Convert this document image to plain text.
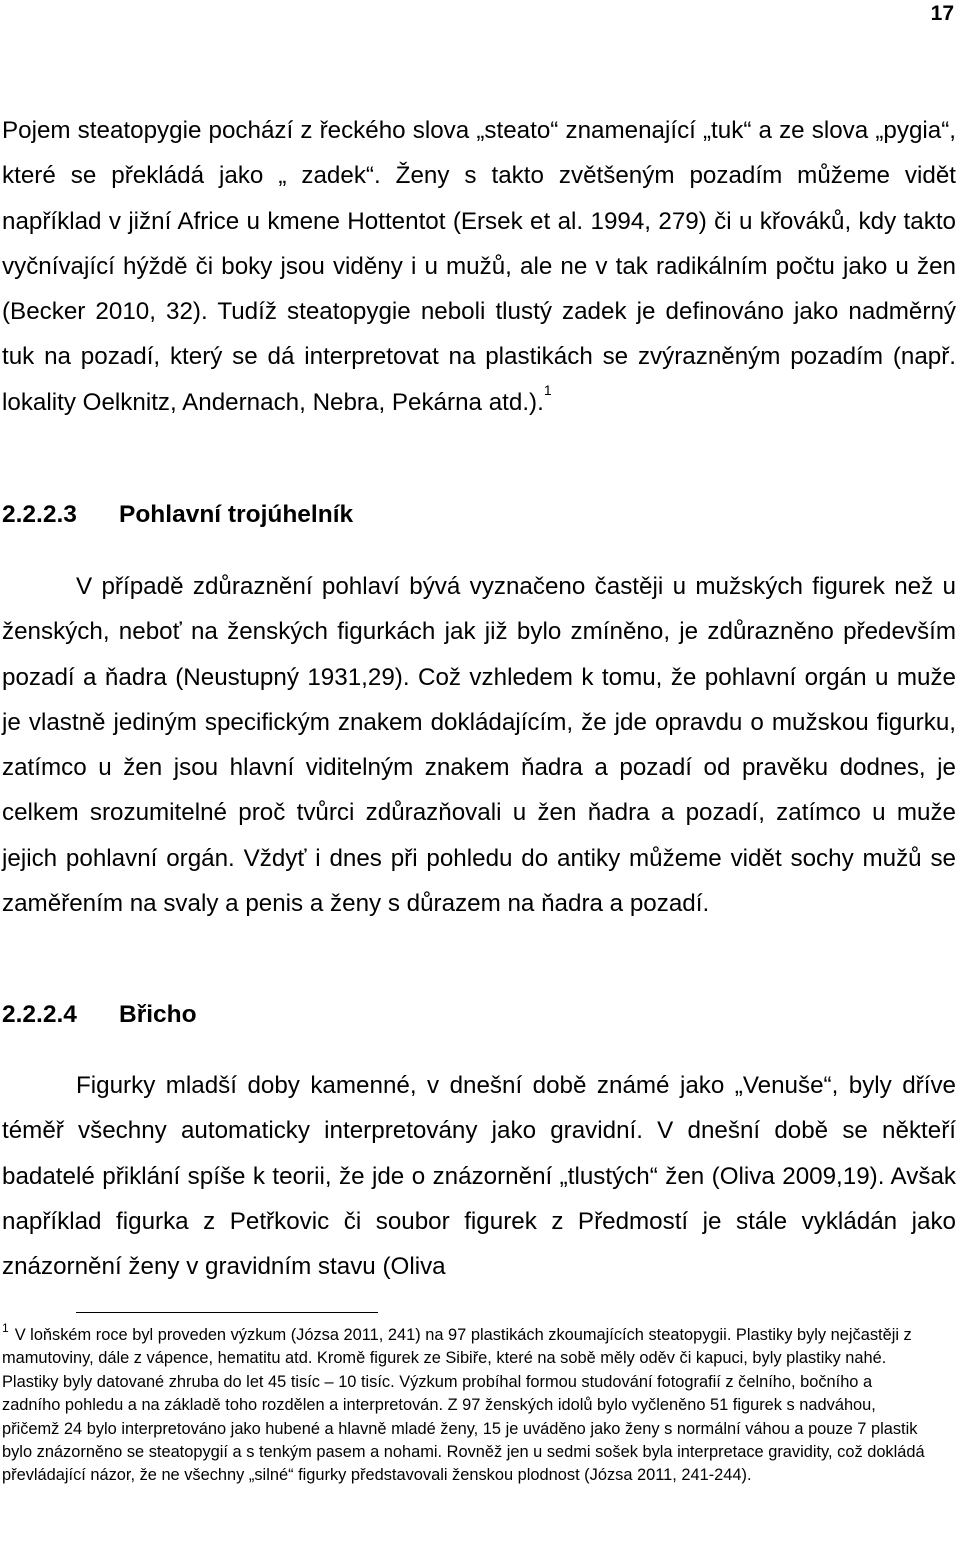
17

Pojem steatopygie pochází z řeckého slova „steato“ znamenající „tuk“ a ze slova „pygia“, které se překládá jako „ zadek“. Ženy s takto zvětšeným pozadím můžeme vidět například v jižní Africe u kmene Hottentot (Ersek et al. 1994, 279) či u křováků, kdy takto vyčnívající hýždě či boky jsou viděny i u mužů, ale ne v tak radikálním počtu jako u žen (Becker 2010, 32). Tudíž steatopygie neboli tlustý zadek je definováno jako nadměrný tuk na pozadí, který se dá interpretovat na plastikách se zvýrazněným pozadím (např. lokality Oelknitz, Andernach, Nebra, Pekárna atd.).$^1$

2.2.2.3 Pohlavní trojúhelník

V případě zdůraznění pohlaví bývá vyznačeno častěji u mužských figurek než u ženských, neboť na ženských figurkách jak již bylo zmíněno, je zdůrazněno především pozadí a ňadra (Neustupný 1931,29). Což vzhledem k tomu, že pohlavní orgán u muže je vlastně jediným specifickým znakem dokládajícím, že jde opravdu o mužskou figurku, zatímco u žen jsou hlavní viditelným znakem ňadra a pozadí od pravěku dodnes, je celkem srozumitelné proč tvůrci zdůrazňovali u žen ňadra a pozadí, zatímco u muže jejich pohlavní orgán. Vždyť i dnes při pohledu do antiky můžeme vidět sochy mužů se zaměřením na svaly a penis a ženy s důrazem na ňadra a pozadí.

2.2.2.4 Břicho

Figurky mladší doby kamenné, v dnešní době známé jako „Venuše“, byly dříve téměř všechny automaticky interpretovány jako gravidní. V dnešní době se někteří badatelé přiklání spíše k teorii, že jde o znázornění „tlustých“ žen (Oliva 2009,19). Avšak například figurka z Petřkovic či soubor figurek z Předmostí je stále vykládán jako znázornění ženy v gravidním stavu (Oliva

$^1$ V loňském roce byl proveden výzkum (Józsa 2011, 241) na 97 plastikách zkoumajících steatopygii. Plastiky byly nejčastěji z mamutoviny, dále z vápence, hematitu atd. Kromě figurek ze Sibiře, které na sobě měly oděv či kapuci, byly plastiky nahé. Plastiky byly datované zhruba do let 45 tisíc – 10 tisíc. Výzkum probíhal formou studování fotografií z čelního, bočního a zadního pohledu a na základě toho rozdělen a interpretován. Z 97 ženských idolů bylo vyčleněno 51 figurek s nadváhou, přičemž 24 bylo interpretováno jako hubené a hlavně mladé ženy, 15 je uváděno jako ženy s normální váhou a pouze 7 plastik bylo znázorněno se steatopygií a s tenkým pasem a nohami. Rovněž jen u sedmi sošek byla interpretace gravidity, což dokládá převládající názor, že ne všechny „silné“ figurky představovali ženskou plodnost (Józsa 2011, 241-244).
